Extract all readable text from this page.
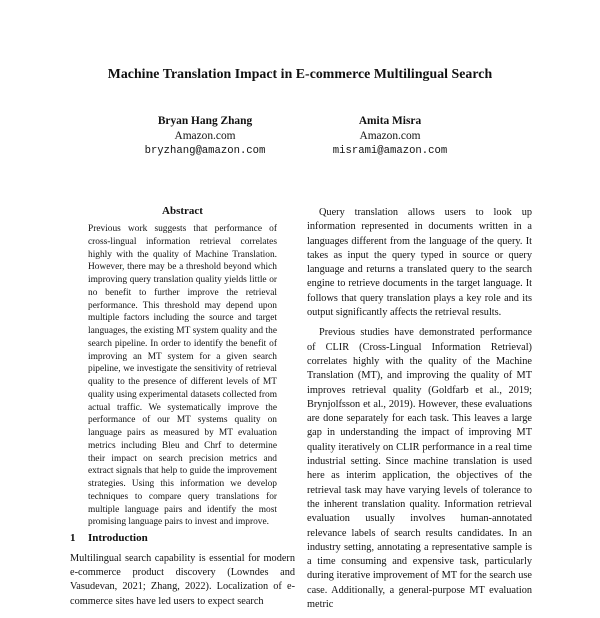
Machine Translation Impact in E-commerce Multilingual Search
Bryan Hang Zhang
Amazon.com
bryzhang@amazon.com
Amita Misra
Amazon.com
misrami@amazon.com
Abstract
Previous work suggests that performance of cross-lingual information retrieval correlates highly with the quality of Machine Translation. However, there may be a threshold beyond which improving query translation quality yields little or no benefit to further improve the retrieval performance. This threshold may depend upon multiple factors including the source and target languages, the existing MT system quality and the search pipeline. In order to identify the benefit of improving an MT system for a given search pipeline, we investigate the sensitivity of retrieval quality to the presence of different levels of MT quality using experimental datasets collected from actual traffic. We systematically improve the performance of our MT systems quality on language pairs as measured by MT evaluation metrics including Bleu and Chrf to determine their impact on search precision metrics and extract signals that help to guide the improvement strategies. Using this information we develop techniques to compare query translations for multiple language pairs and identify the most promising language pairs to invest and improve.
1 Introduction

Multilingual search capability is essential for modern e-commerce product discovery (Lowndes and Vasudevan, 2021; Zhang, 2022). Localization of e-commerce sites have led users to expect search

Query translation allows users to look up information represented in documents written in a languages different from the language of the query. It takes as input the query typed in source or query language and returns a translated query to the search engine to retrieve documents in the target language. It follows that query translation plays a key role and its output significantly affects the retrieval results.

Previous studies have demonstrated performance of CLIR (Cross-Lingual Information Retrieval) correlates highly with the quality of the Machine Translation (MT), and improving the quality of MT improves retrieval quality (Goldfarb et al., 2019; Brynjolfsson et al., 2019). However, these evaluations are done separately for each task. This leaves a large gap in understanding the impact of improving MT quality iteratively on CLIR performance in a real time industrial setting. Since machine translation is used here as interim application, the objectives of the retrieval task may have varying levels of tolerance to the inherent translation quality. Information retrieval evaluation usually involves human-annotated relevance labels of search results candidates. In an industry setting, annotating a representative sample is a time consuming and expensive task, particularly during iterative improvement of MT for the search use case. Additionally, a general-purpose MT evaluation metric
